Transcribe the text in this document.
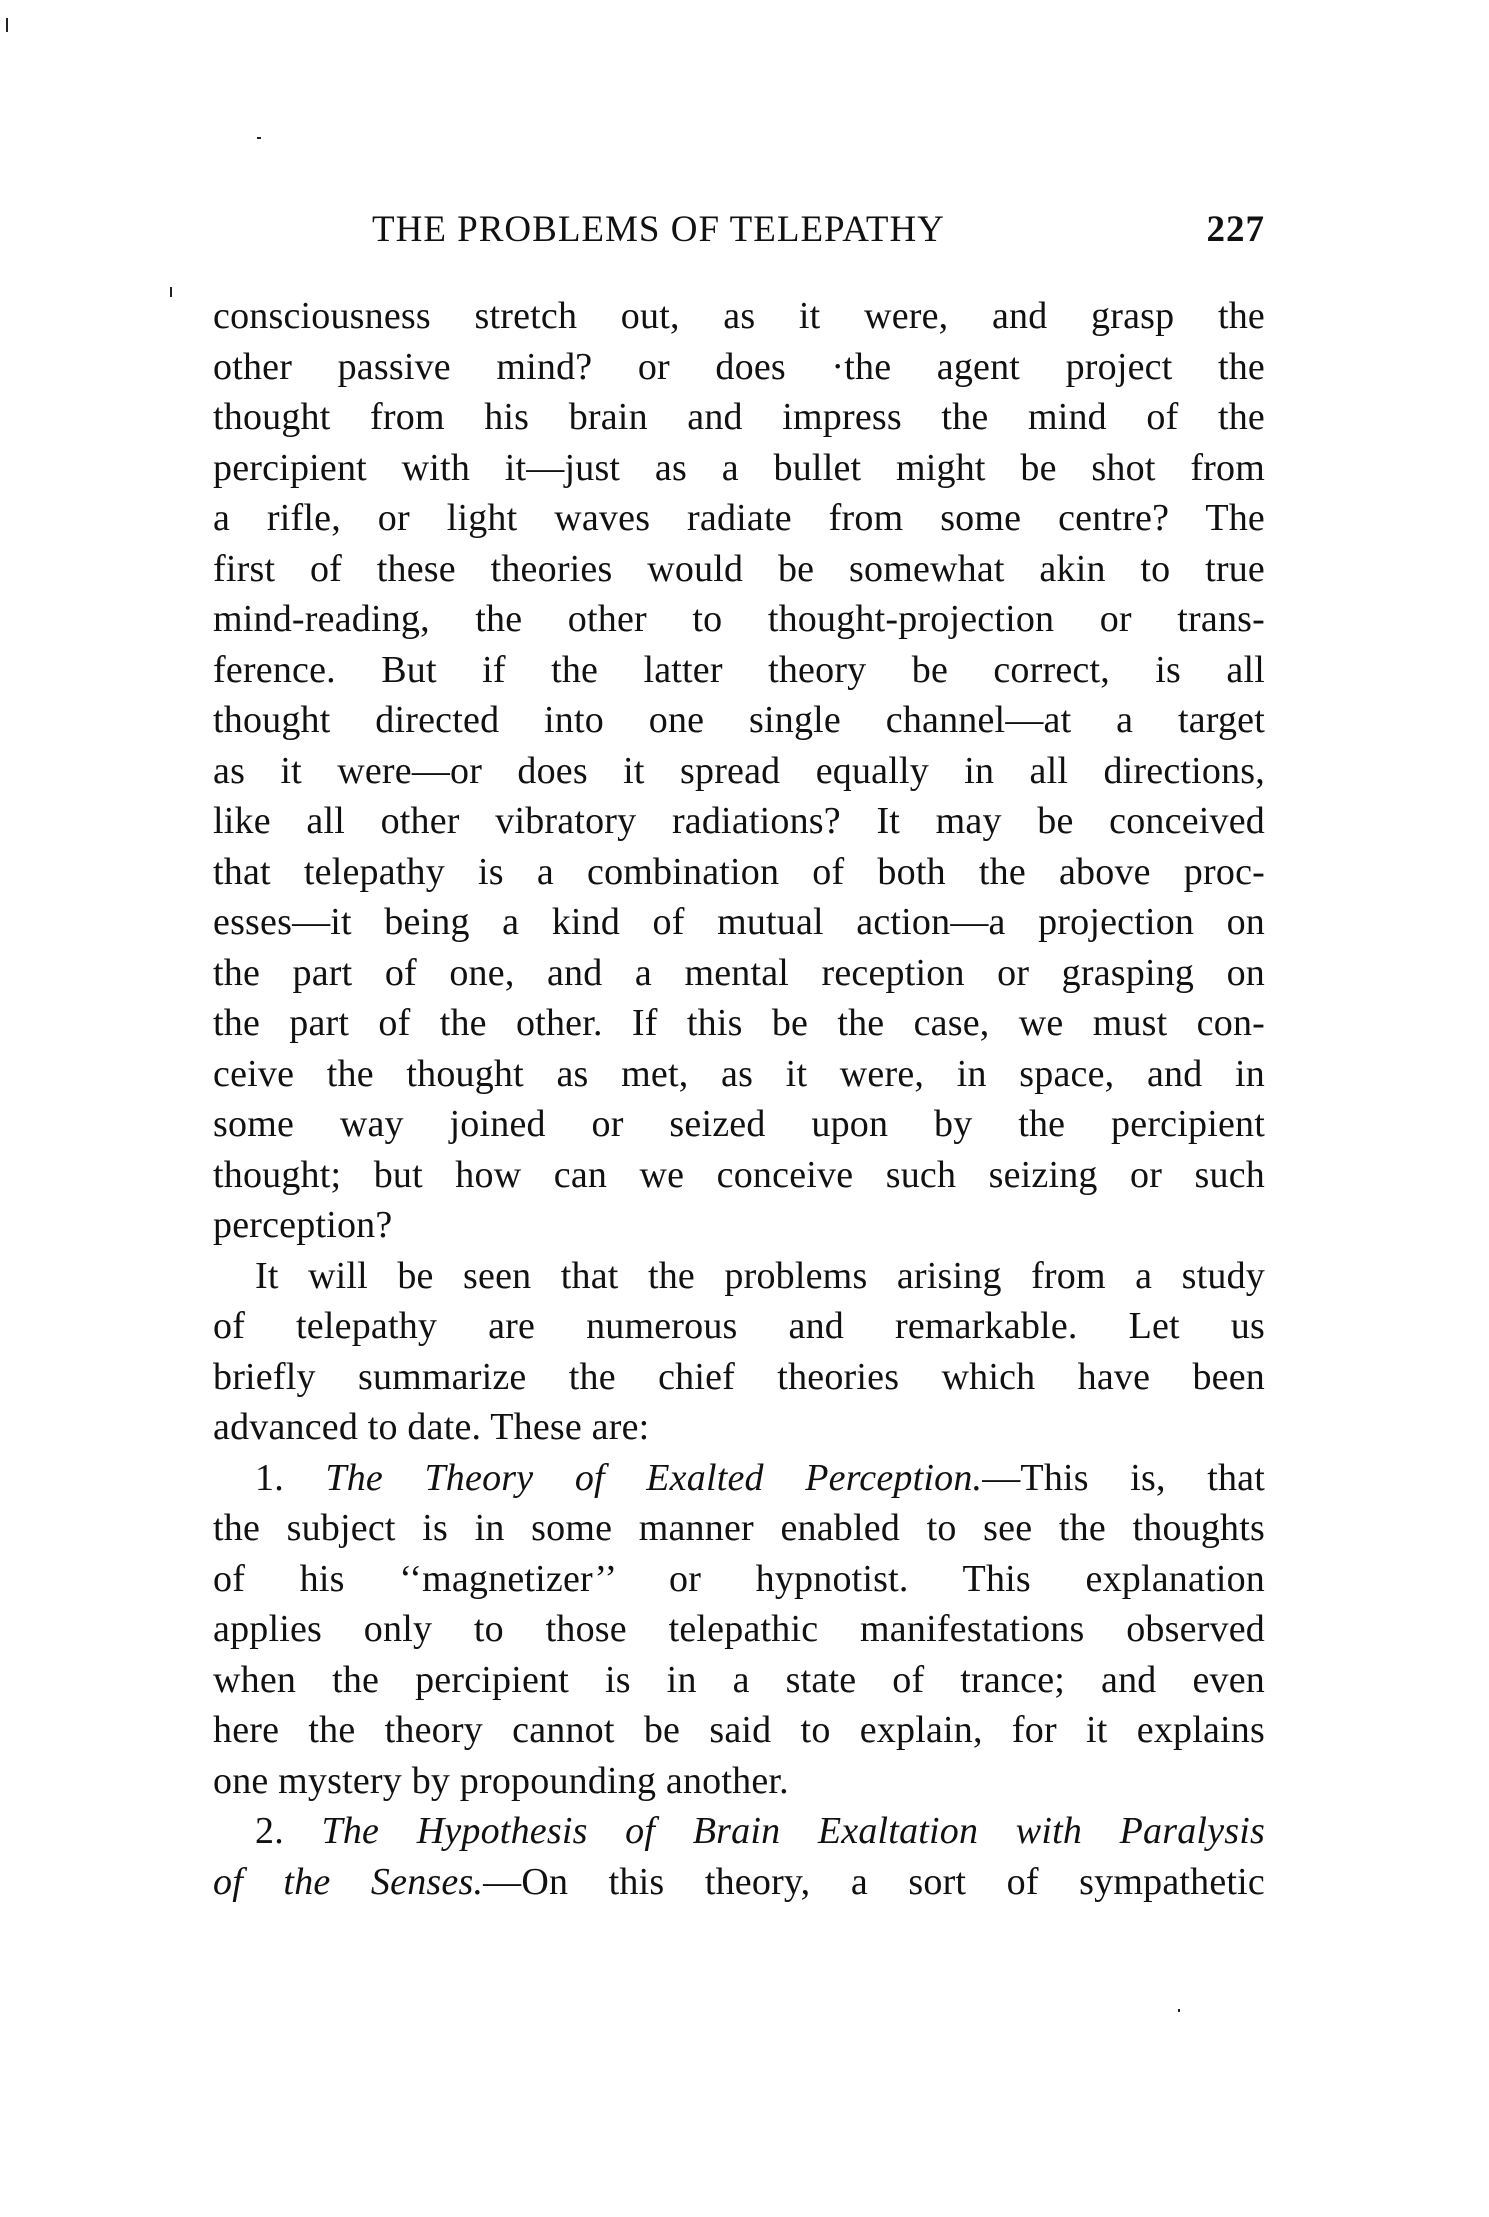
THE PROBLEMS OF TELEPATHY	227
consciousness stretch out, as it were, and grasp the
other passive mind? or does ·the agent project the
thought from his brain and impress the mind of the
percipient with it—just as a bullet might be shot from
a rifle, or light waves radiate from some centre? The
first of these theories would be somewhat akin to true
mind-reading, the other to thought-projection or trans-
ference. But if the latter theory be correct, is all
thought directed into one single channel—at a target
as it were—or does it spread equally in all directions,
like all other vibratory radiations? It may be conceived
that telepathy is a combination of both the above proc-
esses—it being a kind of mutual action—a projection on
the part of one, and a mental reception or grasping on
the part of the other. If this be the case, we must con-
ceive the thought as met, as it were, in space, and in
some way joined or seized upon by the percipient
thought; but how can we conceive such seizing or such
perception?
It will be seen that the problems arising from a study
of telepathy are numerous and remarkable. Let us
briefly summarize the chief theories which have been
advanced to date. These are:
1. The Theory of Exalted Perception.—This is, that
the subject is in some manner enabled to see the thoughts
of his ‘‘magnetizer’’ or hypnotist. This explanation
applies only to those telepathic manifestations observed
when the percipient is in a state of trance; and even
here the theory cannot be said to explain, for it explains
one mystery by propounding another.
2. The Hypothesis of Brain Exaltation with Paralysis
of the Senses.—On this theory, a sort of sympathetic
